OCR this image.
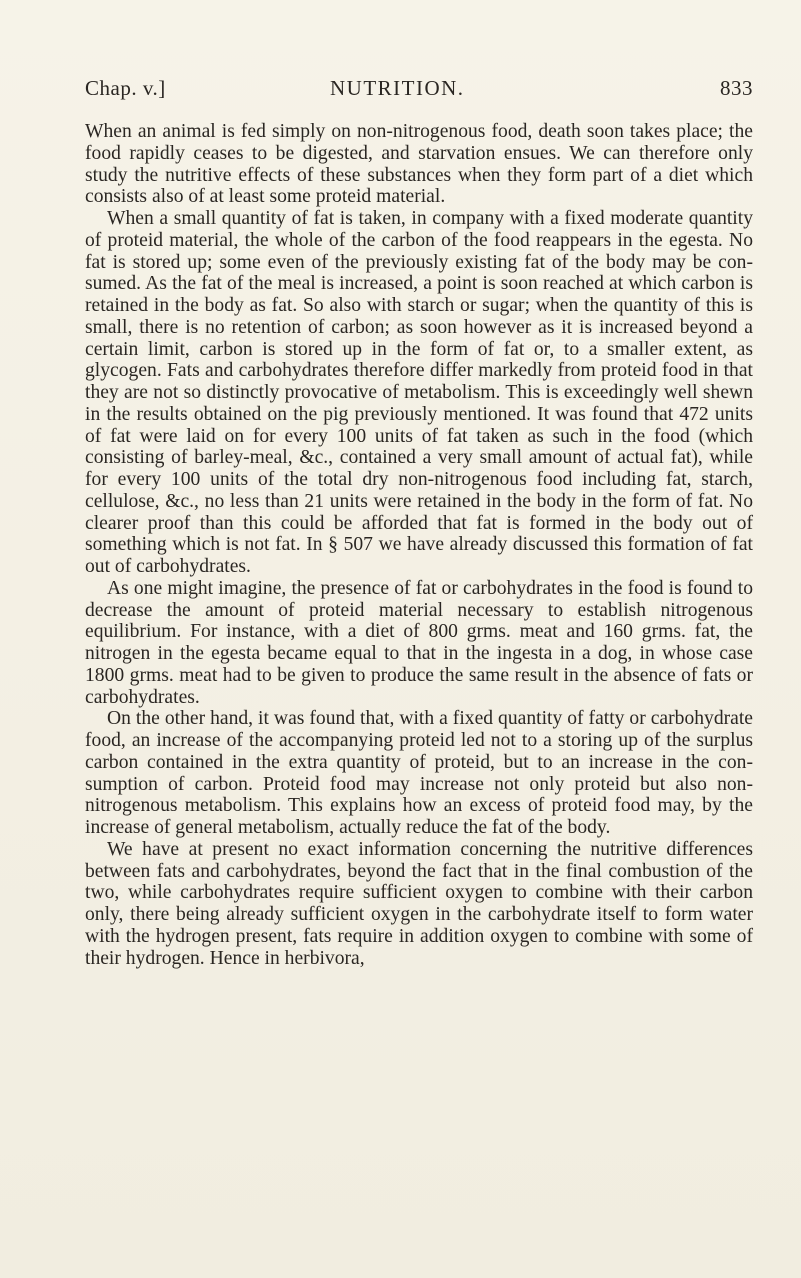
Chap. v.]	NUTRITION.	833

When an animal is fed simply on non-nitrogenous food, death soon takes place; the food rapidly ceases to be digested, and starvation ensues. We can therefore only study the nutritive effects of these substances when they form part of a diet which consists also of at least some proteid material.

When a small quantity of fat is taken, in company with a fixed moderate quantity of proteid material, the whole of the carbon of the food reappears in the egesta. No fat is stored up; some even of the previously existing fat of the body may be con- sumed. As the fat of the meal is increased, a point is soon reached at which carbon is retained in the body as fat. So also with starch or sugar; when the quantity of this is small, there is no retention of carbon; as soon however as it is increased beyond a certain limit, carbon is stored up in the form of fat or, to a smaller extent, as glycogen. Fats and carbohydrates therefore differ markedly from proteid food in that they are not so distinctly provocative of metabolism. This is exceedingly well shewn in the results obtained on the pig previously mentioned. It was found that 472 units of fat were laid on for every 100 units of fat taken as such in the food (which consisting of barley-meal, &c., contained a very small amount of actual fat), while for every 100 units of the total dry non-nitrogenous food including fat, starch, cellulose, &c., no less than 21 units were retained in the body in the form of fat. No clearer proof than this could be afforded that fat is formed in the body out of something which is not fat. In § 507 we have already discussed this formation of fat out of carbohydrates.

As one might imagine, the presence of fat or carbohydrates in the food is found to decrease the amount of proteid material necessary to establish nitrogenous equilibrium. For instance, with a diet of 800 grms. meat and 160 grms. fat, the nitrogen in the egesta became equal to that in the ingesta in a dog, in whose case 1800 grms. meat had to be given to produce the same result in the absence of fats or carbohydrates.

On the other hand, it was found that, with a fixed quantity of fatty or carbohydrate food, an increase of the accompanying proteid led not to a storing up of the surplus carbon contained in the extra quantity of proteid, but to an increase in the con- sumption of carbon. Proteid food may increase not only proteid but also non-nitrogenous metabolism. This explains how an excess of proteid food may, by the increase of general metabolism, actually reduce the fat of the body.

We have at present no exact information concerning the nutritive differences between fats and carbohydrates, beyond the fact that in the final combustion of the two, while carbohydrates require sufficient oxygen to combine with their carbon only, there being already sufficient oxygen in the carbohydrate itself to form water with the hydrogen present, fats require in addition oxygen to combine with some of their hydrogen. Hence in herbivora,
